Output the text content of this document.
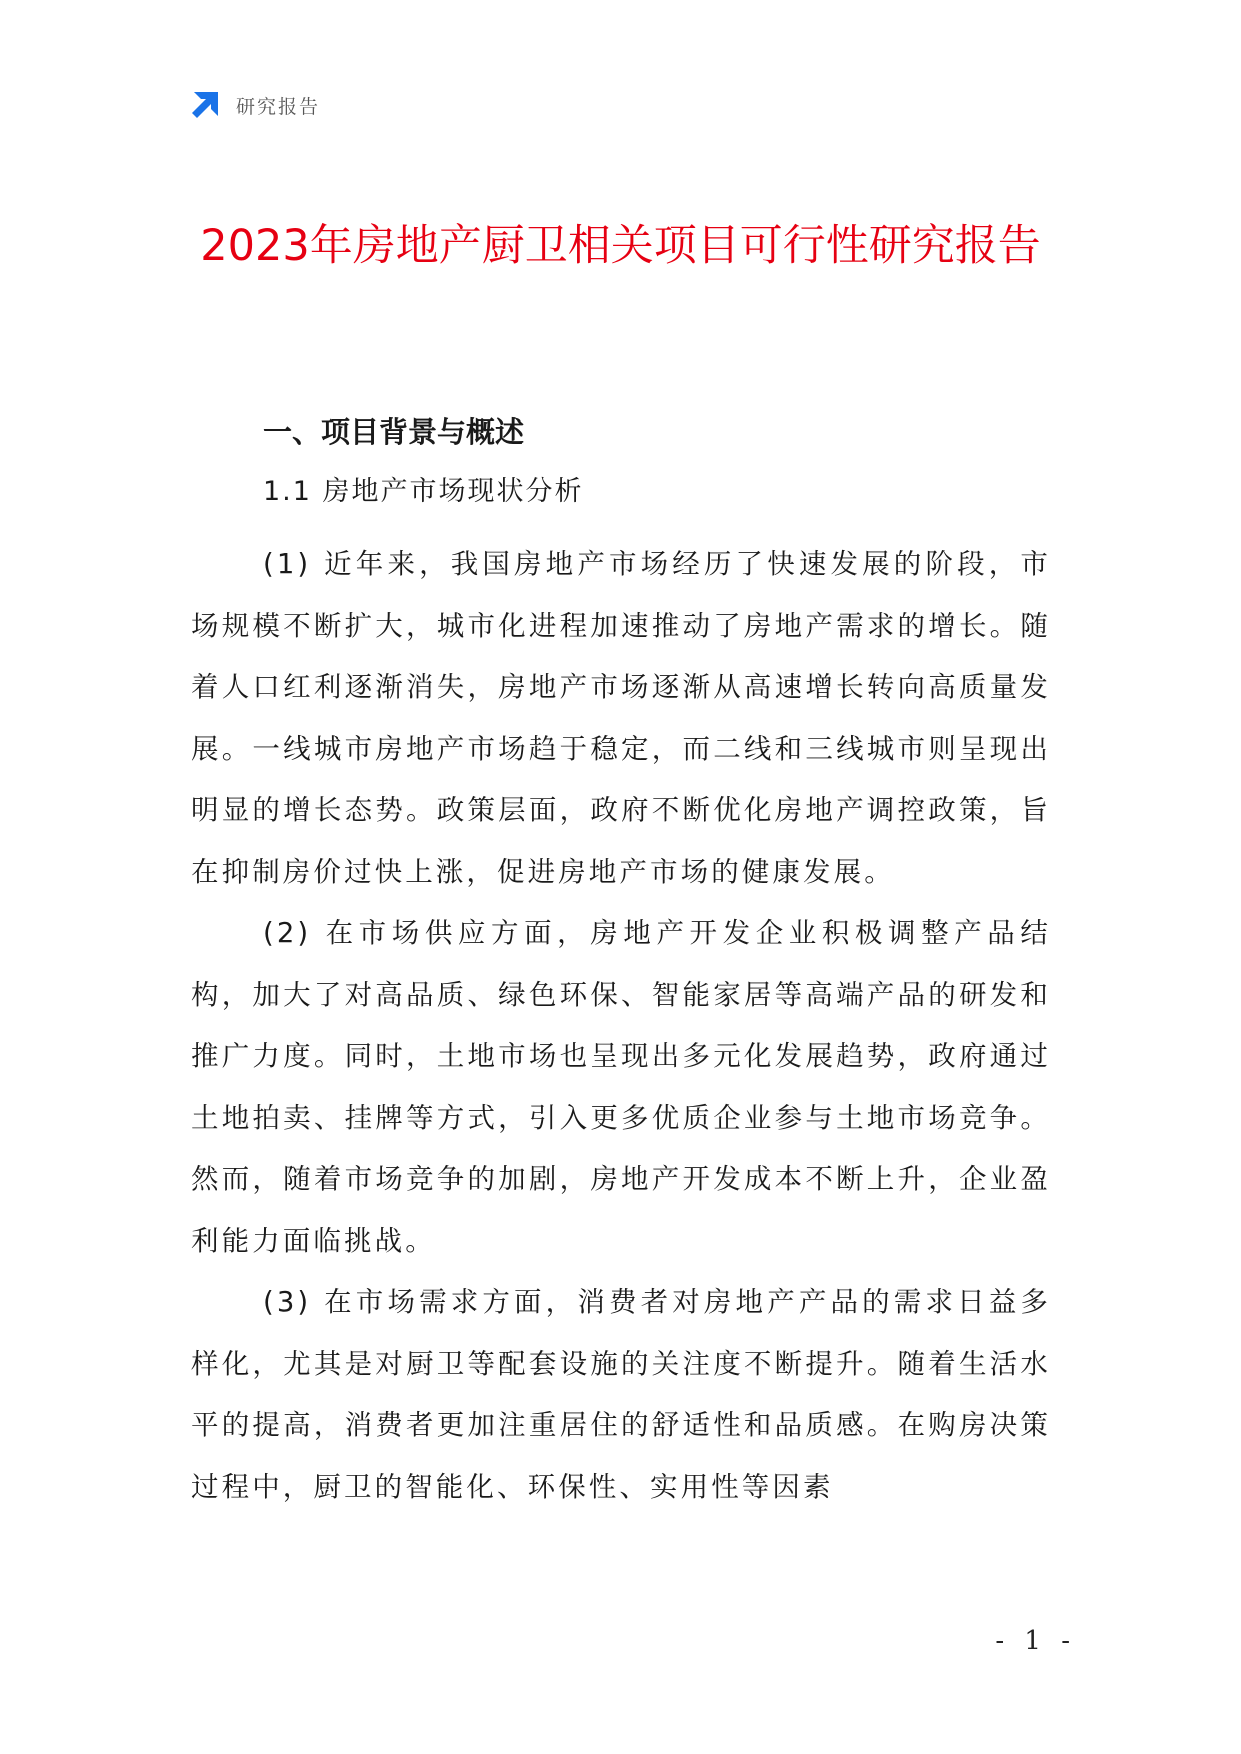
研究报告
2023年房地产厨卫相关项目可行性研究报告
一、项目背景与概述
1.1 房地产市场现状分析

(1) 近年来，我国房地产市场经历了快速发展的阶段，市场规模不断扩大，城市化进程加速推动了房地产需求的增长。随着人口红利逐渐消失，房地产市场逐渐从高速增长转向高质量发展。一线城市房地产市场趋于稳定，而二线和三线城市则呈现出明显的增长态势。政策层面，政府不断优化房地产调控政策，旨在抑制房价过快上涨，促进房地产市场的健康发展。

(2) 在市场供应方面，房地产开发企业积极调整产品结构，加大了对高品质、绿色环保、智能家居等高端产品的研发和推广力度。同时，土地市场也呈现出多元化发展趋势，政府通过土地拍卖、挂牌等方式，引入更多优质企业参与土地市场竞争。然而，随着市场竞争的加剧，房地产开发成本不断上升，企业盈利能力面临挑战。

(3) 在市场需求方面，消费者对房地产产品的需求日益多样化，尤其是对厨卫等配套设施的关注度不断提升。随着生活水平的提高，消费者更加注重居住的舒适性和品质感。在购房决策过程中，厨卫的智能化、环保性、实用性等因素

- 1 -
